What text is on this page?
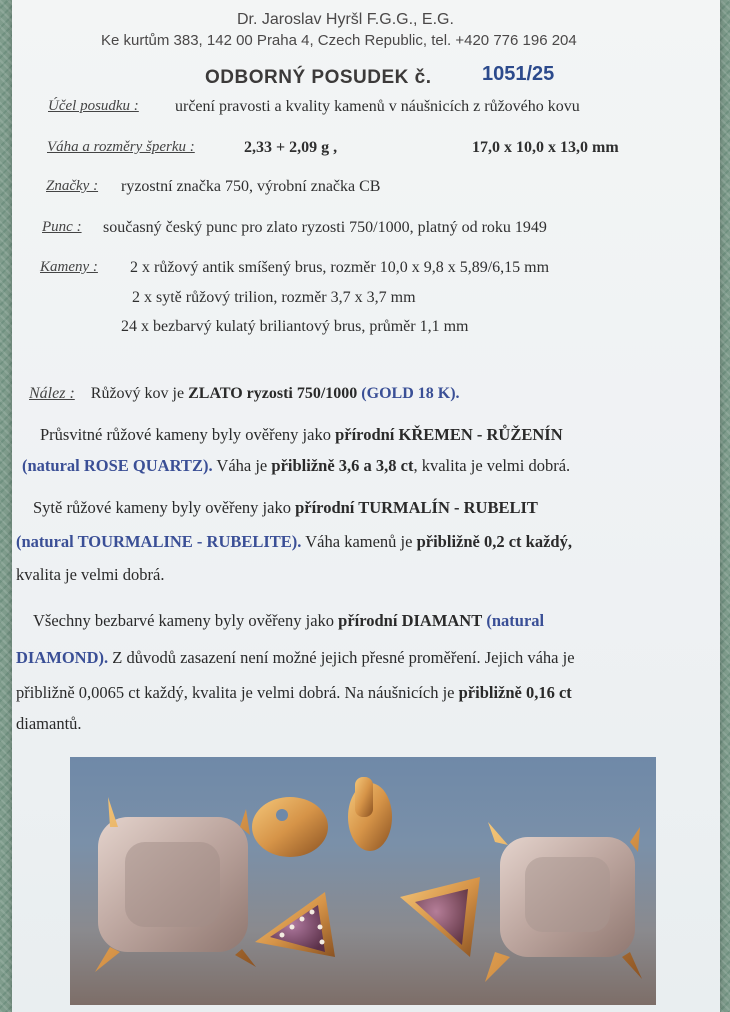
Dr. Jaroslav Hyršl F.G.G., E.G.
Ke kurtům 383, 142 00 Praha 4, Czech Republic, tel. +420 776 196 204
ODBORNÝ POSUDEK č.	1051/25
Účel posudku : určení pravosti a kvality kamenů v náušnicích z růžového kovu
Váha a rozměry šperku :	2,33 + 2,09 g ,	17,0 x 10,0 x 13,0 mm
Značky : ryzostní značka 750, výrobní značka CB
Punc : současný český punc pro zlato ryzosti 750/1000, platný od roku 1949
Kameny : 2 x růžový antik smíšený brus, rozměr 10,0 x 9,8 x 5,89/6,15 mm
2 x sytě růžový trilion, rozměr 3,7 x 3,7 mm
24 x bezbarvý kulatý briliantový brus, průměr 1,1 mm
Nález : Růžový kov je ZLATO ryzosti 750/1000 (GOLD 18 K).
Průsvitné růžové kameny byly ověřeny jako přírodní KŘEMEN - RŮŽENÍN
(natural ROSE QUARTZ). Váha je přibližně 3,6 a 3,8 ct, kvalita je velmi dobrá.
Sytě růžové kameny byly ověřeny jako přírodní TURMALÍN - RUBELIT
(natural TOURMALINE - RUBELITE). Váha kamenů je přibližně 0,2 ct každý,
kvalita je velmi dobrá.
Všechny bezbarvé kameny byly ověřeny jako přírodní DIAMANT (natural
DIAMOND). Z důvodů zasazení není možné jejich přesné proměření. Jejich váha je
přibližně 0,0065 ct každý, kvalita je velmi dobrá. Na náušnicích je přibližně 0,16 ct
diamantů.
